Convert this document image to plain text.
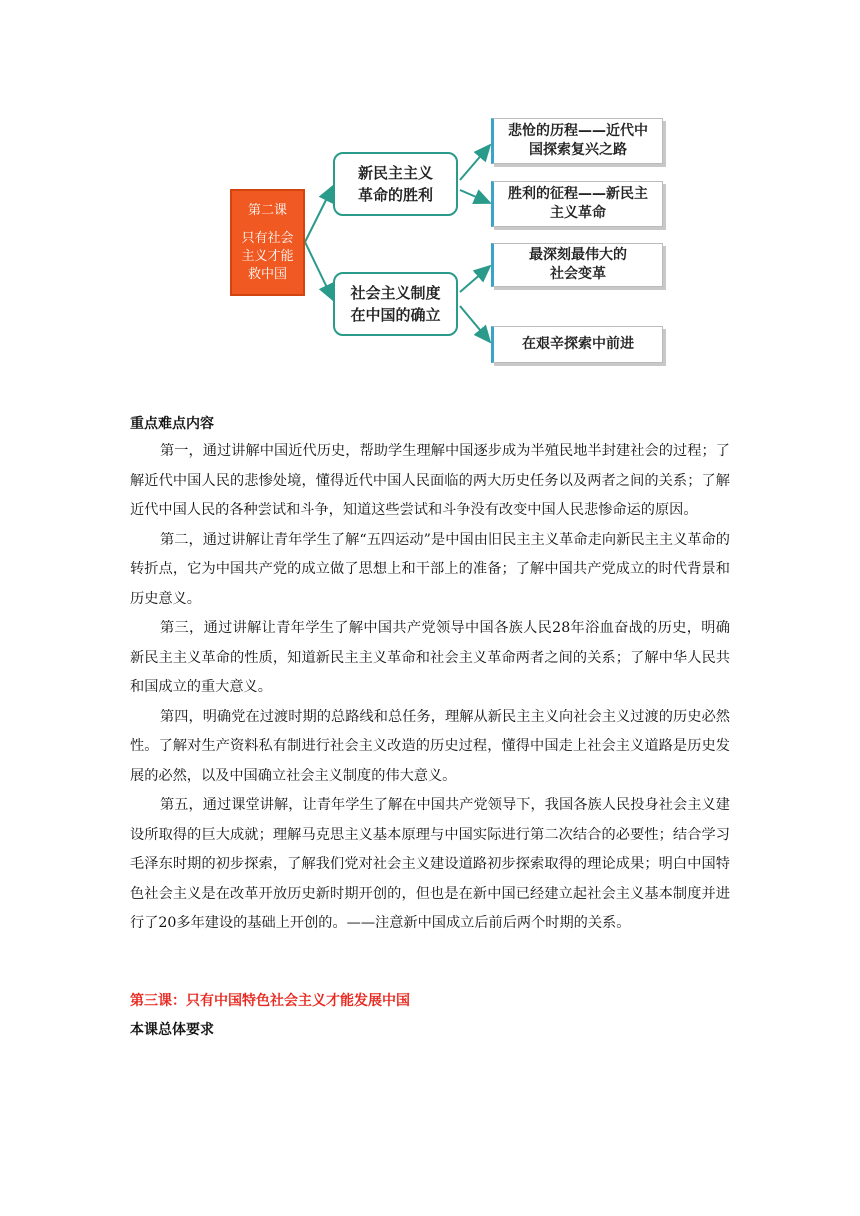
第二课
只有社会
主义才能
救中国
新民主主义
革命的胜利
社会主义制度
在中国的确立
悲怆的历程——近代中
国探索复兴之路
胜利的征程——新民主
主义革命
最深刻最伟大的
社会变革
在艰辛探索中前进
重点难点内容

第一，通过讲解中国近代历史，帮助学生理解中国逐步成为半殖民地半封建社会的过程；了解近代中国人民的悲惨处境，懂得近代中国人民面临的两大历史任务以及两者之间的关系；了解近代中国人民的各种尝试和斗争，知道这些尝试和斗争没有改变中国人民悲惨命运的原因。

第二，通过讲解让青年学生了解“五四运动”是中国由旧民主主义革命走向新民主主义革命的转折点，它为中国共产党的成立做了思想上和干部上的准备；了解中国共产党成立的时代背景和历史意义。

第三，通过讲解让青年学生了解中国共产党领导中国各族人民28年浴血奋战的历史，明确新民主主义革命的性质，知道新民主主义革命和社会主义革命两者之间的关系；了解中华人民共和国成立的重大意义。

第四，明确党在过渡时期的总路线和总任务，理解从新民主主义向社会主义过渡的历史必然性。了解对生产资料私有制进行社会主义改造的历史过程，懂得中国走上社会主义道路是历史发展的必然，以及中国确立社会主义制度的伟大意义。

第五，通过课堂讲解，让青年学生了解在中国共产党领导下，我国各族人民投身社会主义建设所取得的巨大成就；理解马克思主义基本原理与中国实际进行第二次结合的必要性；结合学习毛泽东时期的初步探索，了解我们党对社会主义建设道路初步探索取得的理论成果；明白中国特色社会主义是在改革开放历史新时期开创的，但也是在新中国已经建立起社会主义基本制度并进行了20多年建设的基础上开创的。——注意新中国成立后前后两个时期的关系。

第三课：只有中国特色社会主义才能发展中国
本课总体要求
